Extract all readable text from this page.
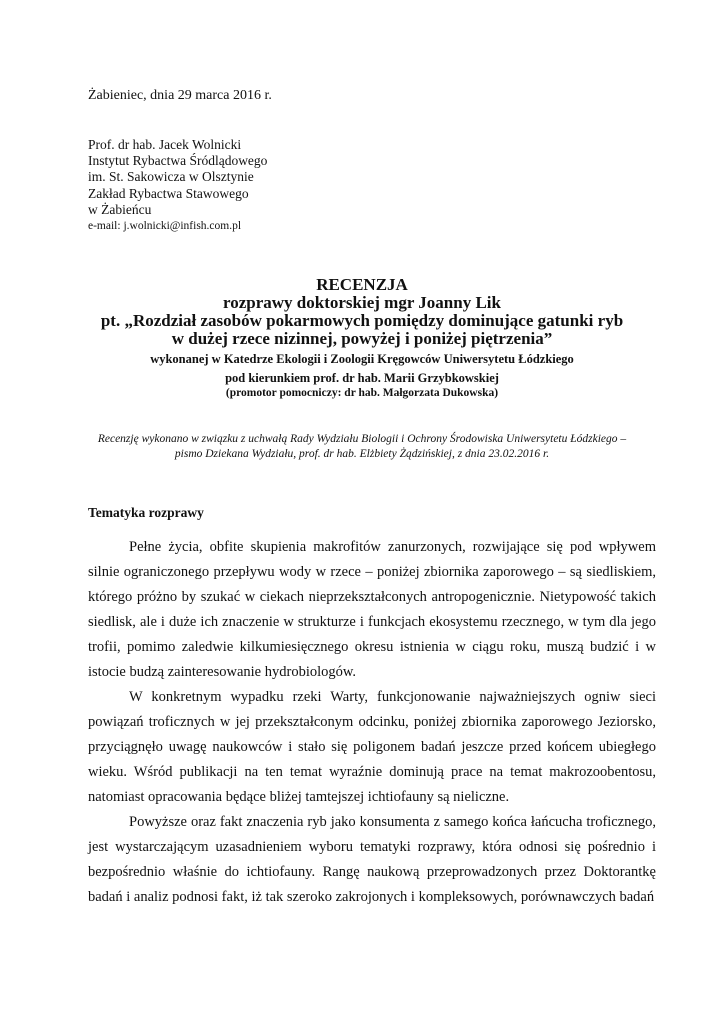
Żabieniec, dnia 29 marca 2016 r.
Prof. dr hab. Jacek Wolnicki
Instytut Rybactwa Śródlądowego
im. St. Sakowicza w Olsztynie
Zakład Rybactwa Stawowego
w Żabieńcu
e-mail: j.wolnicki@infish.com.pl
RECENZJA
rozprawy doktorskiej mgr Joanny Lik
pt. „Rozdział zasobów pokarmowych pomiędzy dominujące gatunki ryb
w dużej rzece nizinnej, powyżej i poniżej piętrzenia”
wykonanej w Katedrze Ekologii i Zoologii Kręgowców Uniwersytetu Łódzkiego
pod kierunkiem prof. dr hab. Marii Grzybkowskiej
(promotor pomocniczy: dr hab. Małgorzata Dukowska)
Recenzję wykonano w związku z uchwałą Rady Wydziału Biologii i Ochrony Środowiska Uniwersytetu Łódzkiego –
pismo Dziekana Wydziału, prof. dr hab. Elżbiety Żądzińskiej, z dnia 23.02.2016 r.
Tematyka rozprawy

Pełne życia, obfite skupienia makrofitów zanurzonych, rozwijające się pod wpływem silnie ograniczonego przepływu wody w rzece – poniżej zbiornika zaporowego – są siedliskiem, którego próżno by szukać w ciekach nieprzekształconych antropogenicznie. Nietypowość takich siedlisk, ale i duże ich znaczenie w strukturze i funkcjach ekosystemu rzecznego, w tym dla jego trofii, pomimo zaledwie kilkumiesięcznego okresu istnienia w ciągu roku, muszą budzić i w istocie budzą zainteresowanie hydrobiologów.

W konkretnym wypadku rzeki Warty, funkcjonowanie najważniejszych ogniw sieci powiązań troficznych w jej przekształconym odcinku, poniżej zbiornika zaporowego Jeziorsko, przyciągnęło uwagę naukowców i stało się poligonem badań jeszcze przed końcem ubiegłego wieku. Wśród publikacji na ten temat wyraźnie dominują prace na temat makrozoobentosu, natomiast opracowania będące bliżej tamtejszej ichtiofauny są nieliczne.

Powyższe oraz fakt znaczenia ryb jako konsumenta z samego końca łańcucha troficznego, jest wystarczającym uzasadnieniem wyboru tematyki rozprawy, która odnosi się pośrednio i bezpośrednio właśnie do ichtiofauny. Rangę naukową przeprowadzonych przez Doktorantkę badań i analiz podnosi fakt, iż tak szeroko zakrojonych i kompleksowych, porównawczych badań
